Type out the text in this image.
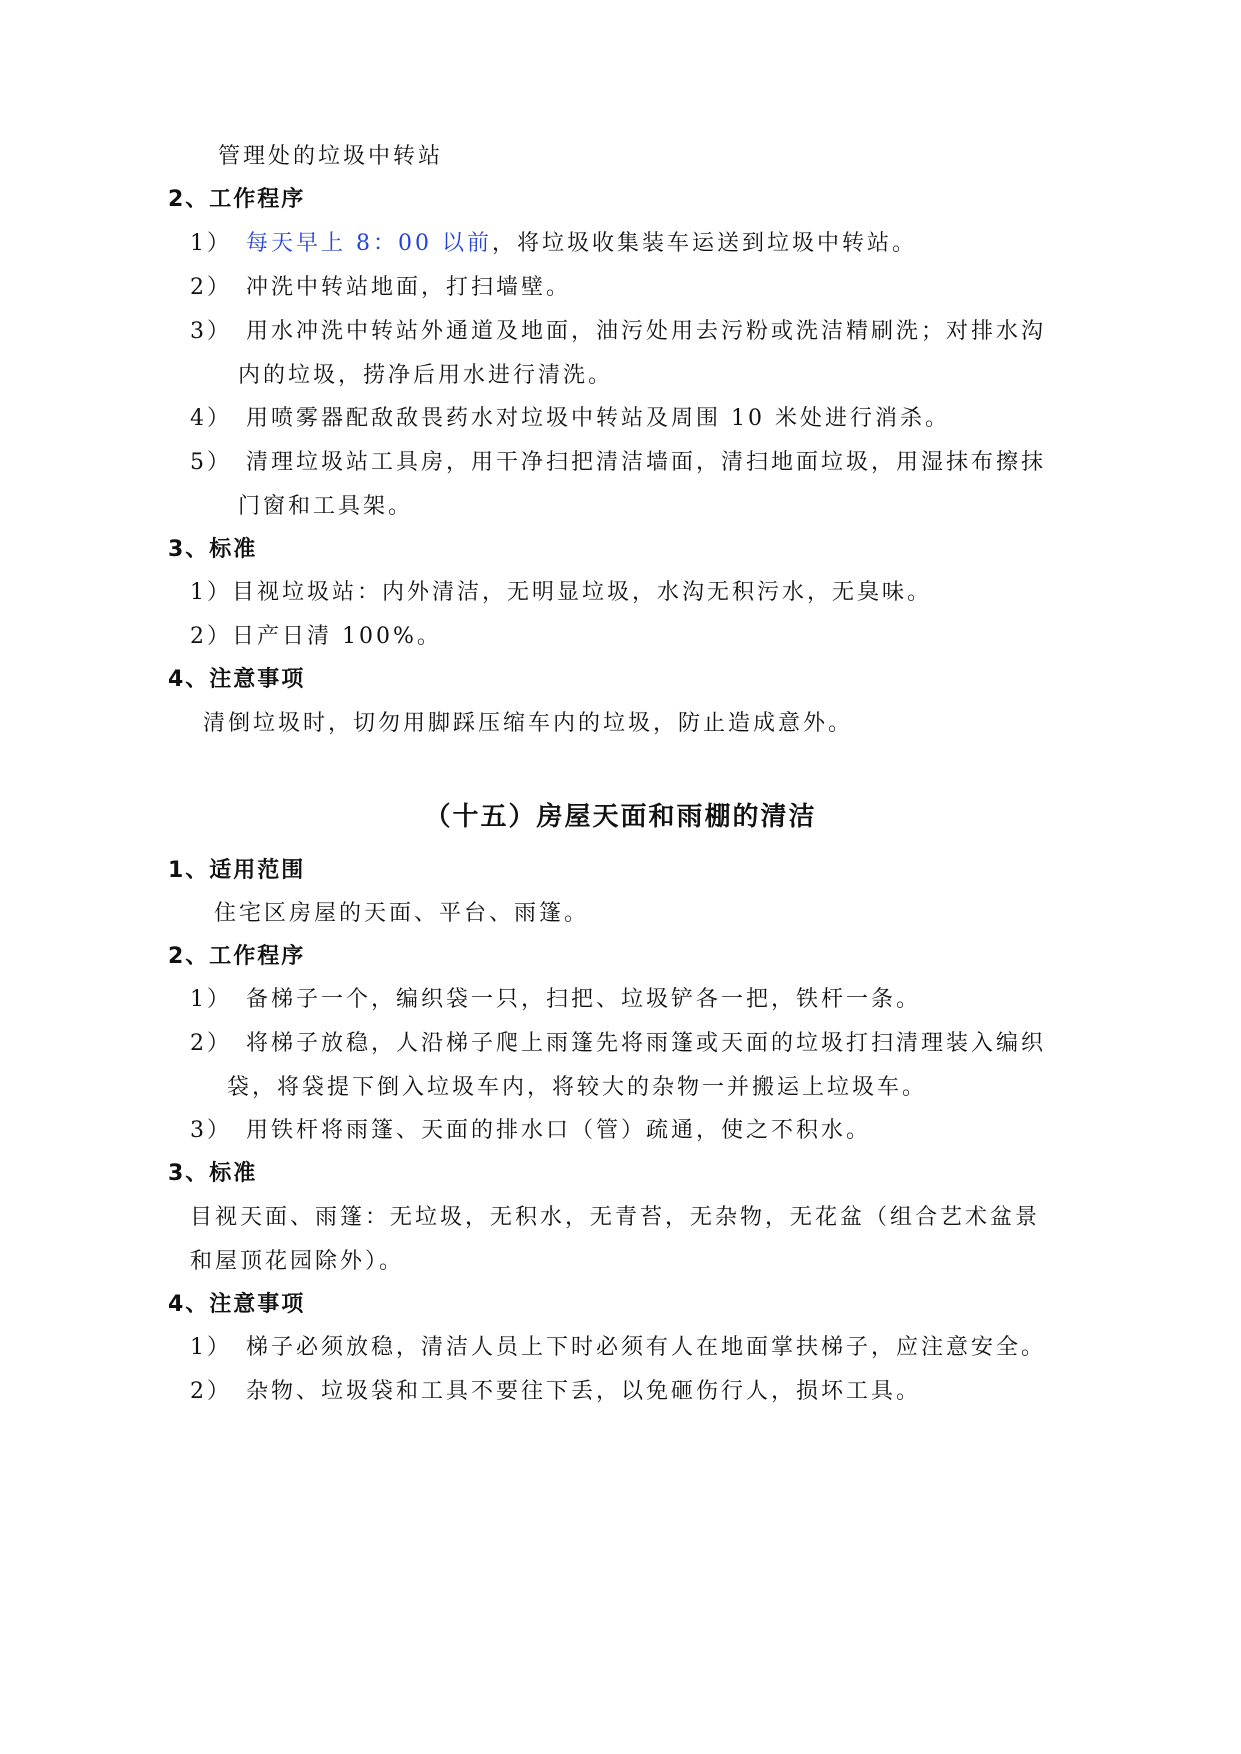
管理处的垃圾中转站

2、工作程序

1） 每天早上 8：00 以前，将垃圾收集装车运送到垃圾中转站。

2） 冲洗中转站地面，打扫墙壁。

3） 用水冲洗中转站外通道及地面，油污处用去污粉或洗洁精刷洗；对排水沟

内的垃圾，捞净后用水进行清洗。

4） 用喷雾器配敌敌畏药水对垃圾中转站及周围 10 米处进行消杀。

5） 清理垃圾站工具房，用干净扫把清洁墙面，清扫地面垃圾，用湿抹布擦抹

门窗和工具架。

3、标准

1）目视垃圾站：内外清洁，无明显垃圾，水沟无积污水，无臭味。

2）日产日清 100%。

4、注意事项

清倒垃圾时，切勿用脚踩压缩车内的垃圾，防止造成意外。

（十五）房屋天面和雨棚的清洁

1、适用范围

住宅区房屋的天面、平台、雨篷。

2、工作程序

1） 备梯子一个，编织袋一只，扫把、垃圾铲各一把，铁杆一条。

2） 将梯子放稳，人沿梯子爬上雨篷先将雨篷或天面的垃圾打扫清理装入编织

袋，将袋提下倒入垃圾车内，将较大的杂物一并搬运上垃圾车。

3） 用铁杆将雨篷、天面的排水口（管）疏通，使之不积水。

3、标准

目视天面、雨篷：无垃圾，无积水，无青苔，无杂物，无花盆（组合艺术盆景

和屋顶花园除外）。

4、注意事项

1） 梯子必须放稳，清洁人员上下时必须有人在地面掌扶梯子，应注意安全。

2） 杂物、垃圾袋和工具不要往下丢，以免砸伤行人，损坏工具。
